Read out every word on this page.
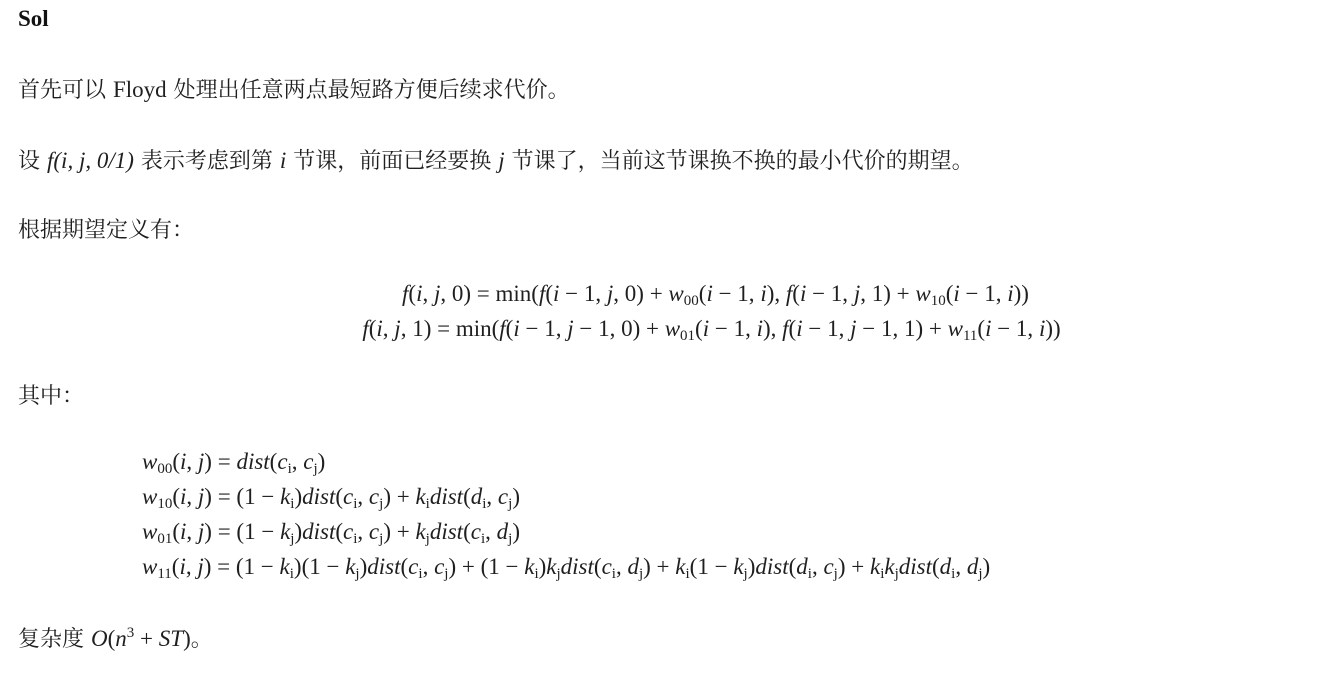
Sol
首先可以 Floyd 处理出任意两点最短路方便后续求代价。
设 f(i, j, 0/1) 表示考虑到第 i 节课，前面已经要换 j 节课了，当前这节课换不换的最小代价的期望。
根据期望定义有：
f(i, j, 0) = min(f(i − 1, j, $0) + w_{00}(i - 1$, i), f(i − 1, j, $1) + w_{10}(i - 1$, i))
f(i, j, 1) = min(f(i − 1, j − 1, $0) + w_{01}(i - 1$, i), f(i − 1, j − 1, $1) + w_{11}(i - 1$, i))
其中：
$w_{00}(i$, $j) = dist(c_i$, $c_j$)
$w_{10}(i$, $j) = (1 - k_i)dist(c_i$, $c_j$) + $k_idist(d_i$, $c_j$)
$w_{01}(i$, $j) = (1 - k_j)dist(c_i$, $c_j$) + $k_jdist(c_i$, $d_j$)
$w_{11}(i$, $j) = (1 - k_i)(1$ − $k_j)dist(c_i$, $c_j) + (1$ − $k_i)k_jdist(c_i$, $d_j) + k_i(1$ − $k_j)dist(d_i$, $c_j$) + $k_ik_jdist(d_i$, $d_j$)
复杂度 $O(n^3 + ST)$。
